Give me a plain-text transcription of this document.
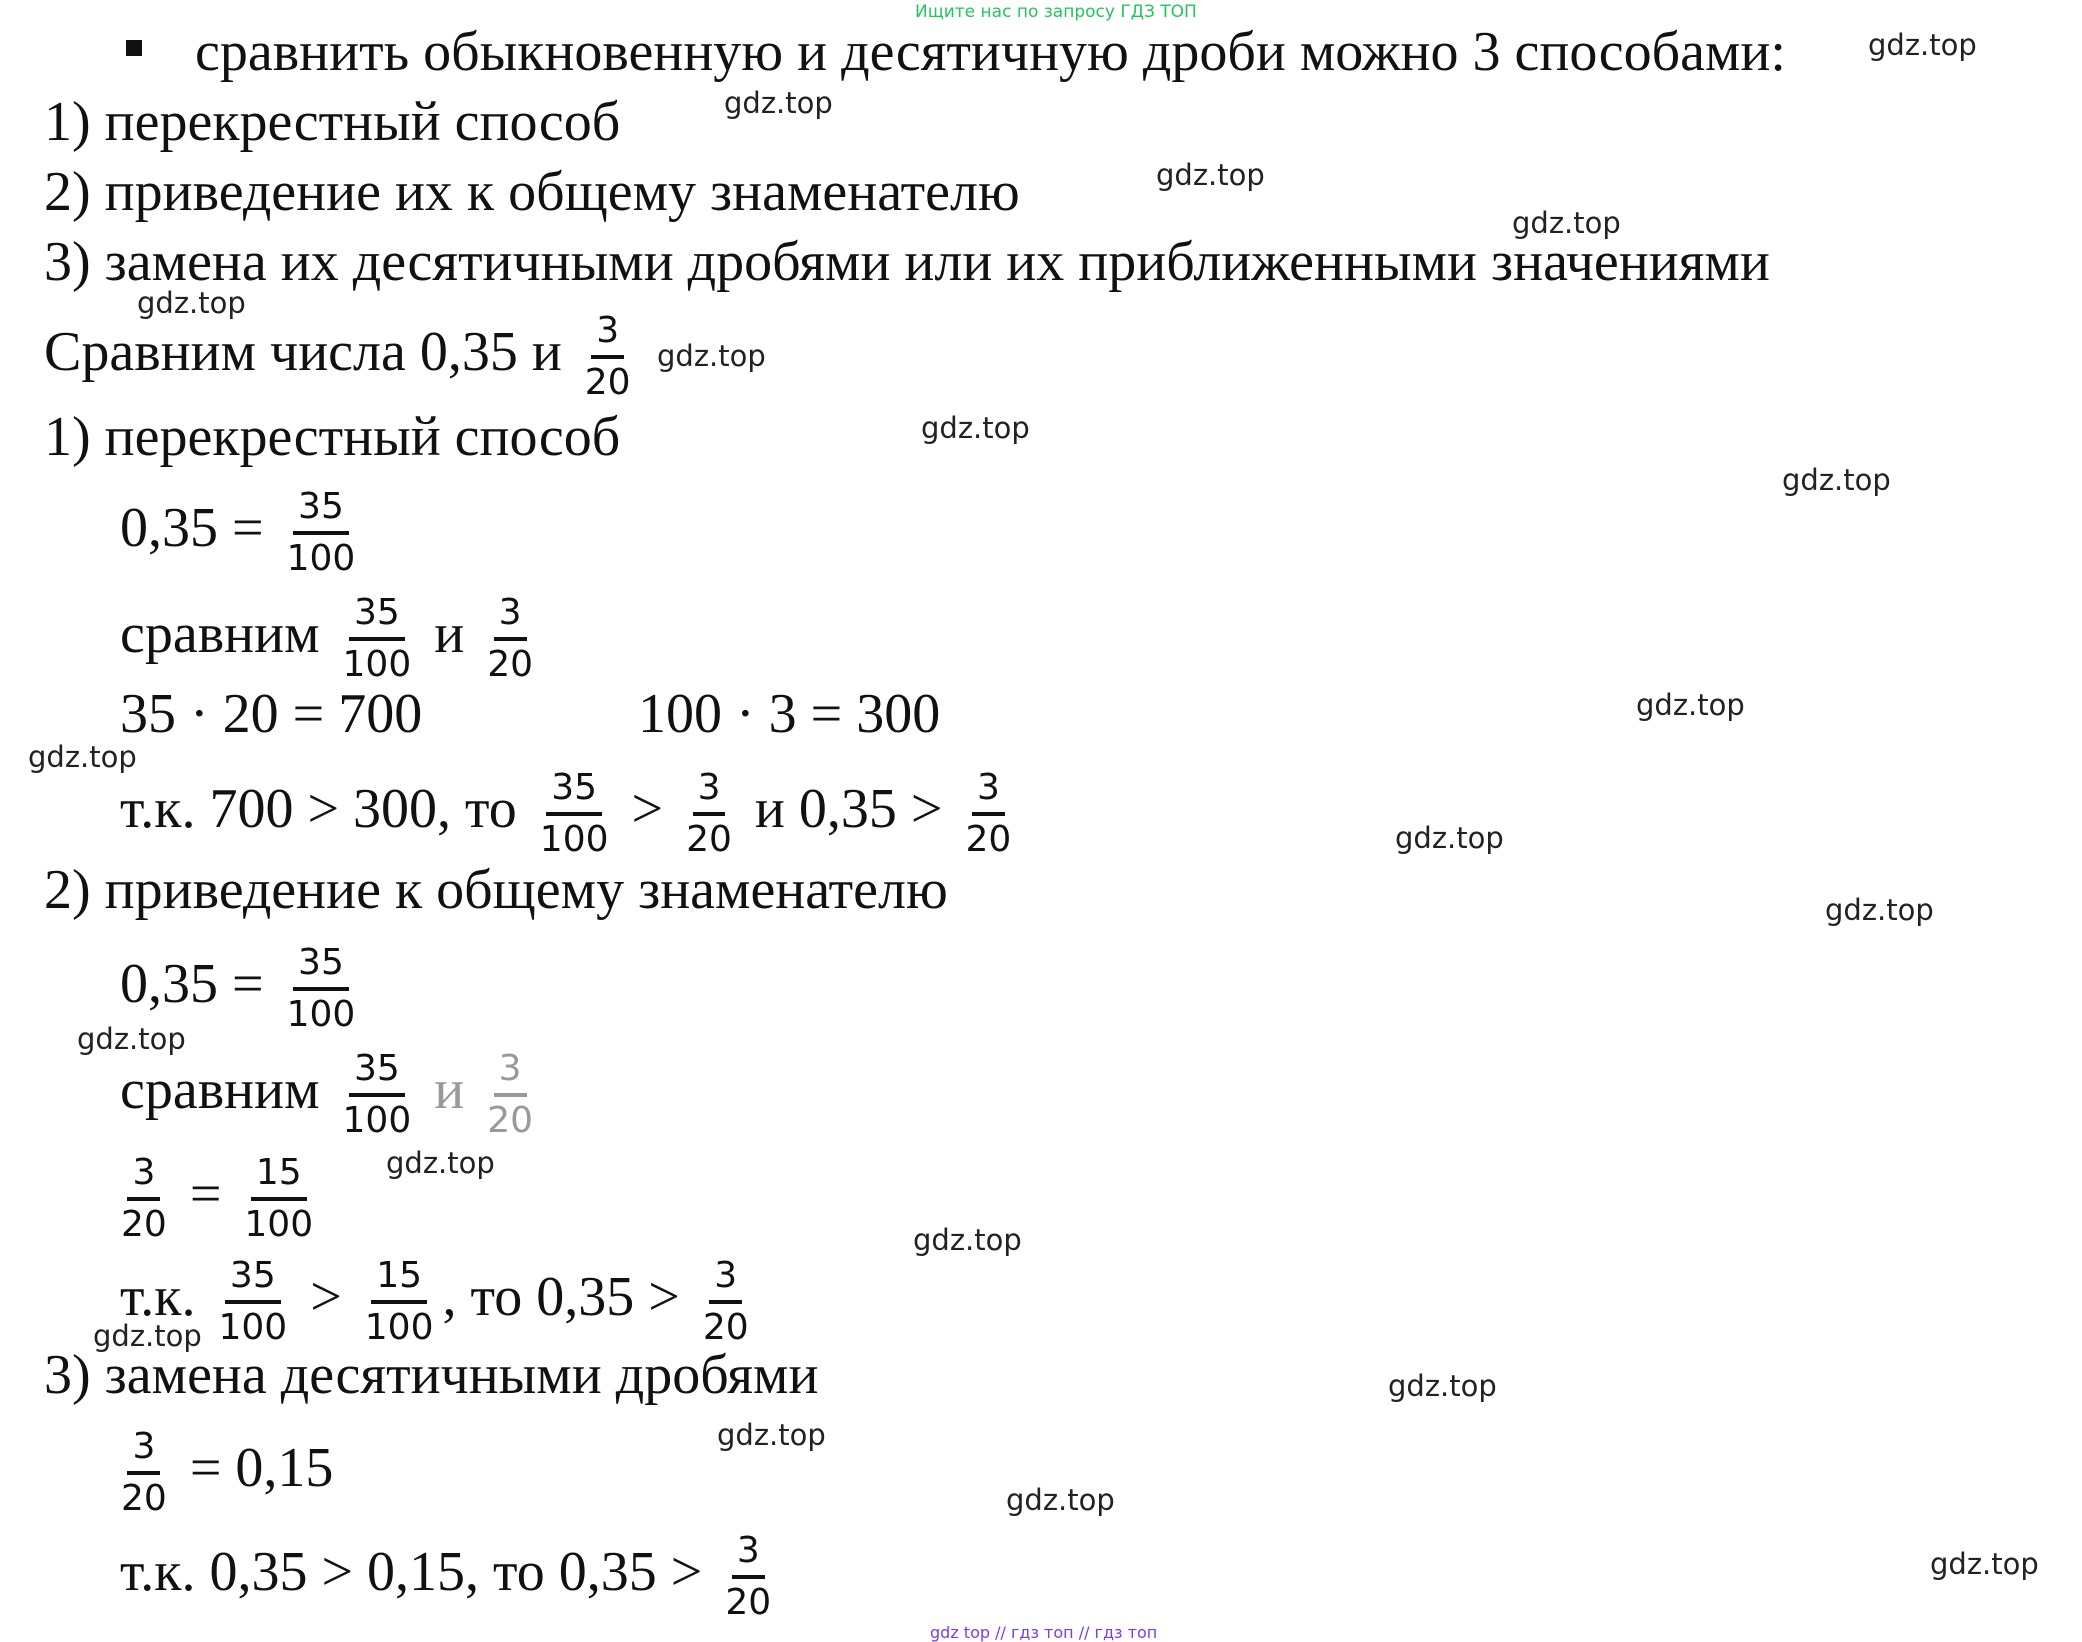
Ищите нас по запросу ГДЗ ТОП
сравнить обыкновенную и десятичную дроби можно 3 способами:
1) перекрестный способ
2) приведение их к общему знаменателю
3) замена их десятичными дробями или их приближенными значениями
Сравним числа 0,35 и $\frac{3}{20}$
1) перекрестный способ
$0,35 = \frac{35}{100}$
сравним $\frac{35}{100}$ и $\frac{3}{20}$
35 · 20 = 700	100 · 3 = 300
т.к. 700 > 300, то $\frac{35}{100} > \frac{3}{20}$ и $0,35 > \frac{3}{20}$
2) приведение к общему знаменателю
$0,35 = \frac{35}{100}$
сравним $\frac{35}{100}$ и $\frac{3}{20}$
$\frac{3}{20} = \frac{15}{100}$
т.к. $\frac{35}{100} > \frac{15}{100}$ , то $0,35 > \frac{3}{20}$
3) замена десятичными дробями
$\frac{3}{20} = 0,15$
т.к. 0,35 > 0,15, то $0,35 > \frac{3}{20}$
gdz.top
gdz.top
gdz.top
gdz.top
gdz.top
gdz.top
gdz.top
gdz.top
gdz.top
gdz.top
gdz.top
gdz.top
gdz.top
gdz.top
gdz.top
gdz.top
gdz.top
gdz.top
gdz.top
gdz.top
gdz top // гдз топ // гдз топ
